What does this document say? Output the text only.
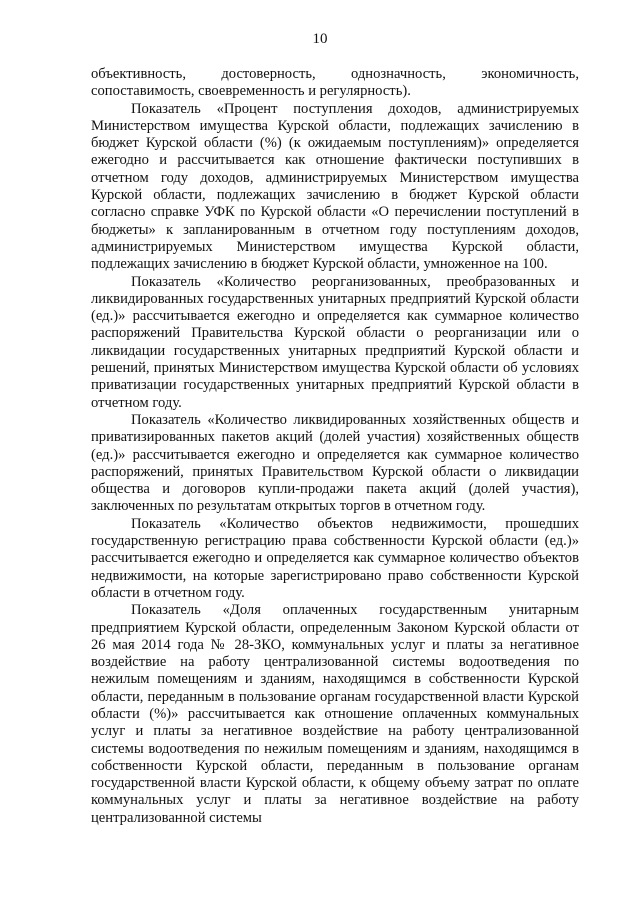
10

объективность, достоверность, однозначность, экономичность, сопоставимость, своевременность и регулярность).

Показатель «Процент поступления доходов, администрируемых Министерством имущества Курской области, подлежащих зачислению в бюджет Курской области (%) (к ожидаемым поступлениям)» определяется ежегодно и рассчитывается как отношение фактически поступивших в отчетном году доходов, администрируемых Министерством имущества Курской области, подлежащих зачислению в бюджет Курской области согласно справке УФК по Курской области «О перечислении поступлений в бюджеты» к запланированным в отчетном году поступлениям доходов, администрируемых Министерством имущества Курской области, подлежащих зачислению в бюджет Курской области, умноженное на 100.

Показатель «Количество реорганизованных, преобразованных и ликвидированных государственных унитарных предприятий Курской области (ед.)» рассчитывается ежегодно и определяется как суммарное количество распоряжений Правительства Курской области о реорганизации или о ликвидации государственных унитарных предприятий Курской области и решений, принятых Министерством имущества Курской области об условиях приватизации государственных унитарных предприятий Курской области в отчетном году.

Показатель «Количество ликвидированных хозяйственных обществ и приватизированных пакетов акций (долей участия) хозяйственных обществ (ед.)» рассчитывается ежегодно и определяется как суммарное количество распоряжений, принятых Правительством Курской области о ликвидации общества и договоров купли-продажи пакета акций (долей участия), заключенных по результатам открытых торгов в отчетном году.

Показатель «Количество объектов недвижимости, прошедших государственную регистрацию права собственности Курской области (ед.)» рассчитывается ежегодно и определяется как суммарное количество объектов недвижимости, на которые зарегистрировано право собственности Курской области в отчетном году.

Показатель «Доля оплаченных государственным унитарным предприятием Курской области, определенным Законом Курской области от 26 мая 2014 года № 28-ЗКО, коммунальных услуг и платы за негативное воздействие на работу централизованной системы водоотведения по нежилым помещениям и зданиям, находящимся в собственности Курской области, переданным в пользование органам государственной власти Курской области (%)» рассчитывается как отношение оплаченных коммунальных услуг и платы за негативное воздействие на работу централизованной системы водоотведения по нежилым помещениям и зданиям, находящимся в собственности Курской области, переданным в пользование органам государственной власти Курской области, к общему объему затрат по оплате коммунальных услуг и платы за негативное воздействие на работу централизованной системы
